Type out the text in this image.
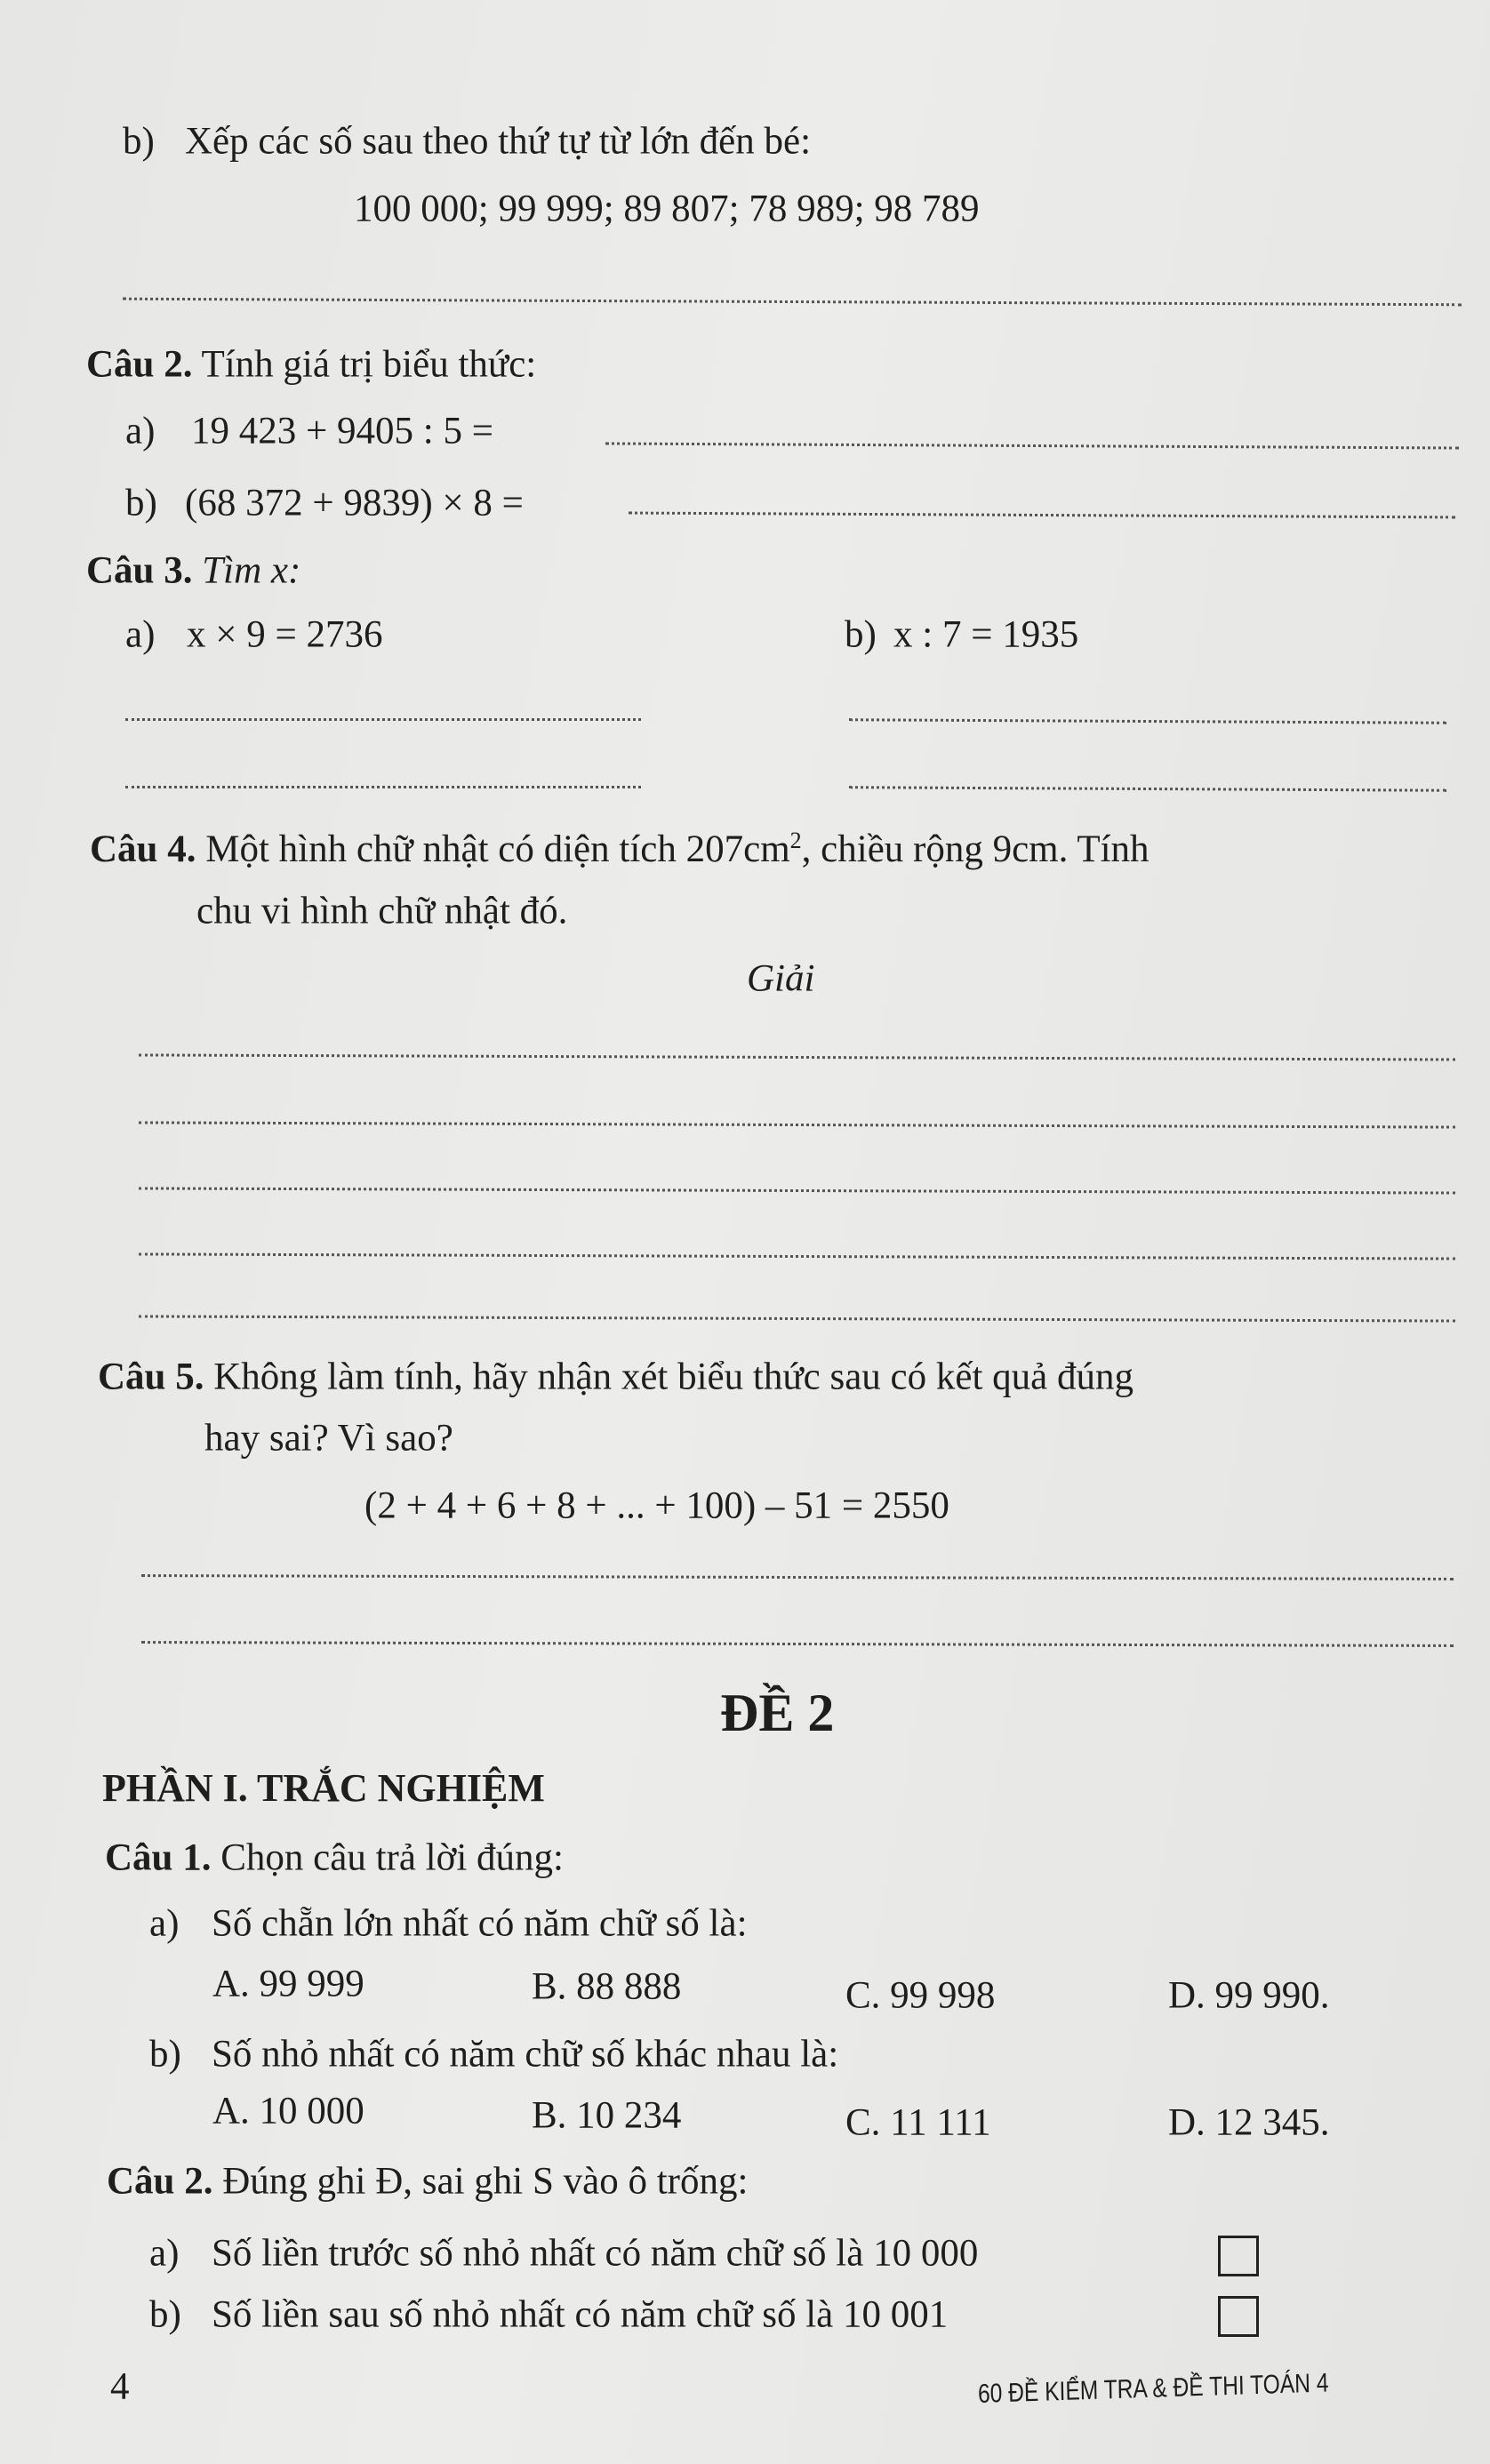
b) Xếp các số sau theo thứ tự từ lớn đến bé:
100 000; 99 999; 89 807; 78 989; 98 789
Câu 2. Tính giá trị biểu thức:
a) 19 423 + 9405 : 5 =
b) (68 372 + 9839) × 8 =
Câu 3. Tìm x:
a) x × 9 = 2736	b) x : 7 = 1935
Câu 4. Một hình chữ nhật có diện tích $207cm^2$, chiều rộng 9cm. Tính
chu vi hình chữ nhật đó.
Giải
Câu 5. Không làm tính, hãy nhận xét biểu thức sau có kết quả đúng
hay sai? Vì sao?
(2 + 4 + 6 + 8 + ... + 100) – 51 = 2550
ĐỀ 2
PHẦN I. TRẮC NGHIỆM
Câu 1. Chọn câu trả lời đúng:
a) Số chẵn lớn nhất có năm chữ số là:
A. 99 999	B. 88 888	C. 99 998	D. 99 990.
b) Số nhỏ nhất có năm chữ số khác nhau là:
A. 10 000	B. 10 234	C. 11 111	D. 12 345.
Câu 2. Đúng ghi Đ, sai ghi S vào ô trống:
a) Số liền trước số nhỏ nhất có năm chữ số là 10 000
b) Số liền sau số nhỏ nhất có năm chữ số là 10 001
4	60 ĐỀ KIỂM TRA & ĐỀ THI TOÁN 4
